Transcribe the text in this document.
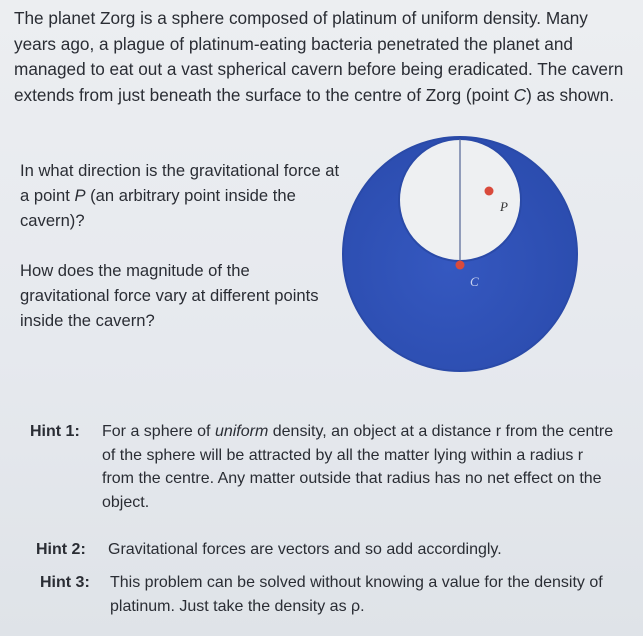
The planet Zorg is a sphere composed of platinum of uniform density. Many years ago, a plague of platinum-eating bacteria penetrated the planet and managed to eat out a vast spherical cavern before being eradicated. The cavern extends from just beneath the surface to the centre of Zorg (point C) as shown.
In what direction is the gravitational force at a point P (an arbitrary point inside the cavern)?
How does the magnitude of the gravitational force vary at different points inside the cavern?
P
C
Hint 1: For a sphere of uniform density, an object at a distance r from the centre of the sphere will be attracted by all the matter lying within a radius r from the centre. Any matter outside that radius has no net effect on the object.
Hint 2: Gravitational forces are vectors and so add accordingly.
Hint 3: This problem can be solved without knowing a value for the density of platinum. Just take the density as ρ.
